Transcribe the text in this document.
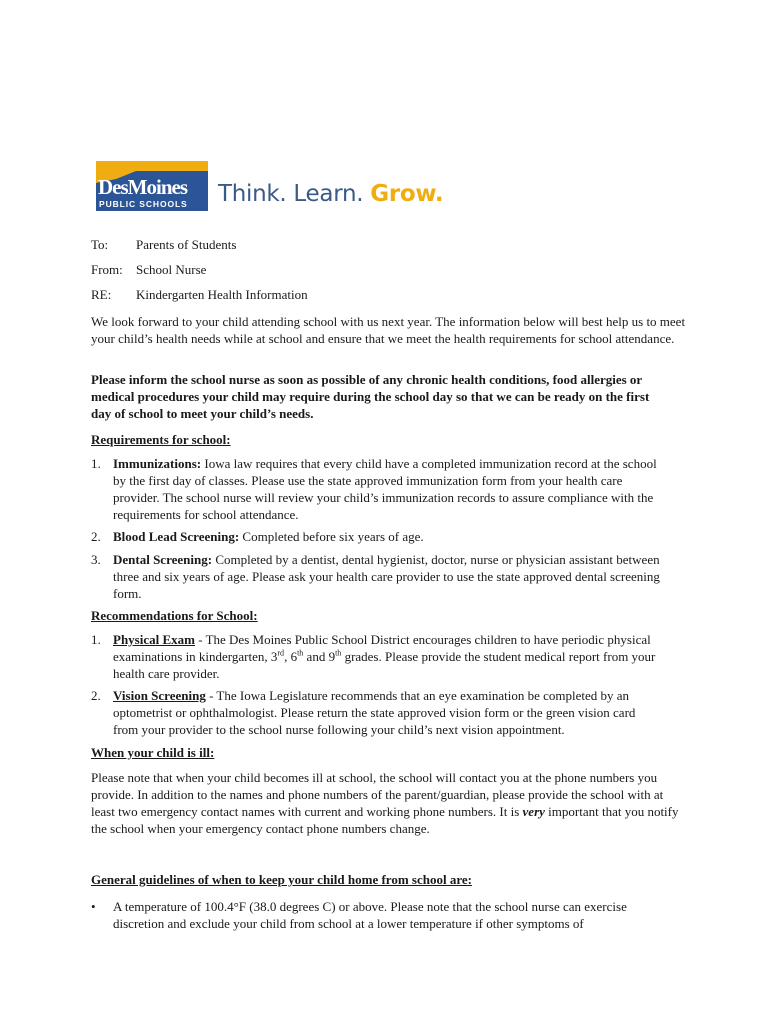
DesMoines
PUBLIC SCHOOLS Think. Learn. Grow.
To: Parents of Students
From: School Nurse
RE: Kindergarten Health Information
We look forward to your child attending school with us next year. The information below will best help us to meet your child’s health needs while at school and ensure that we meet the health requirements for school attendance.
Please inform the school nurse as soon as possible of any chronic health conditions, food allergies or medical procedures your child may require during the school day so that we can be ready on the first day of school to meet your child’s needs.
Requirements for school:
1. Immunizations: Iowa law requires that every child have a completed immunization record at the school by the first day of classes. Please use the state approved immunization form from your health care provider. The school nurse will review your child’s immunization records to assure compliance with the requirements for school attendance.
2. Blood Lead Screening: Completed before six years of age.
3. Dental Screening: Completed by a dentist, dental hygienist, doctor, nurse or physician assistant between three and six years of age. Please ask your health care provider to use the state approved dental screening form.
Recommendations for School:
1. Physical Exam - The Des Moines Public School District encourages children to have periodic physical examinations in kindergarten, 3rd, 6th and 9th grades. Please provide the student medical report from your health care provider.
2. Vision Screening - The Iowa Legislature recommends that an eye examination be completed by an optometrist or ophthalmologist. Please return the state approved vision form or the green vision card from your provider to the school nurse following your child’s next vision appointment.
When your child is ill:
Please note that when your child becomes ill at school, the school will contact you at the phone numbers you provide. In addition to the names and phone numbers of the parent/guardian, please provide the school with at least two emergency contact names with current and working phone numbers. It is very important that you notify the school when your emergency contact phone numbers change.
General guidelines of when to keep your child home from school are:
•	A temperature of 100.4°F (38.0 degrees C) or above. Please note that the school nurse can exercise discretion and exclude your child from school at a lower temperature if other symptoms of
